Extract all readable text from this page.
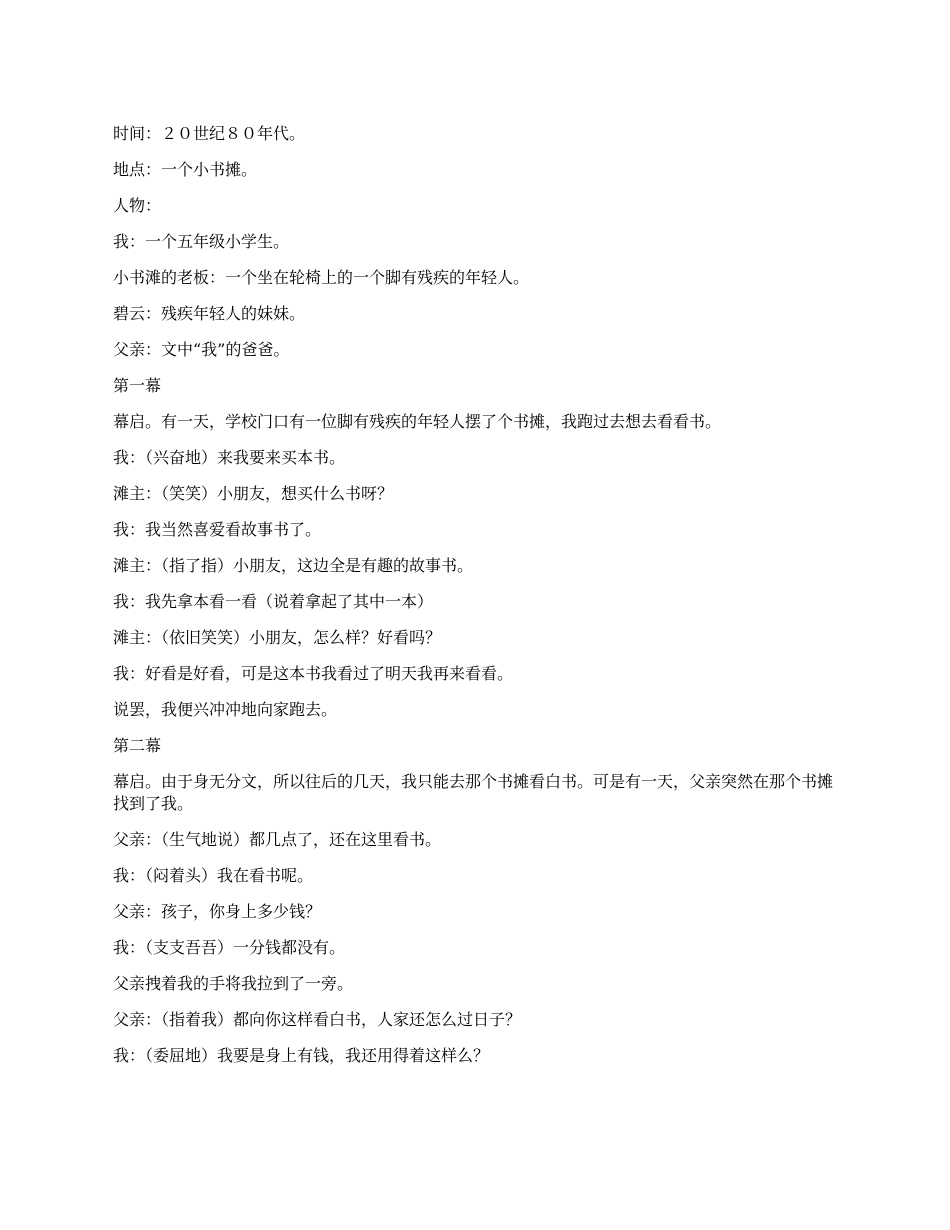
时间：２０世纪８０年代。

地点：一个小书摊。

人物：

我：一个五年级小学生。

小书滩的老板：一个坐在轮椅上的一个脚有残疾的年轻人。

碧云：残疾年轻人的妹妹。

父亲：文中“我”的爸爸。

第一幕

幕启。有一天，学校门口有一位脚有残疾的年轻人摆了个书摊，我跑过去想去看看书。

我：（兴奋地）来我要来买本书。

滩主：（笑笑）小朋友，想买什么书呀？

我：我当然喜爱看故事书了。

滩主：（指了指）小朋友，这边全是有趣的故事书。

我：我先拿本看一看（说着拿起了其中一本）

滩主：（依旧笑笑）小朋友，怎么样？好看吗？

我：好看是好看，可是这本书我看过了明天我再来看看。

说罢，我便兴冲冲地向家跑去。

第二幕

幕启。由于身无分文，所以往后的几天，我只能去那个书摊看白书。可是有一天，父亲突然在那个书摊找到了我。

父亲：（生气地说）都几点了，还在这里看书。

我：（闷着头）我在看书呢。

父亲：孩子，你身上多少钱？

我：（支支吾吾）一分钱都没有。

父亲拽着我的手将我拉到了一旁。

父亲：（指着我）都向你这样看白书，人家还怎么过日子？

我：（委屈地）我要是身上有钱，我还用得着这样么？
